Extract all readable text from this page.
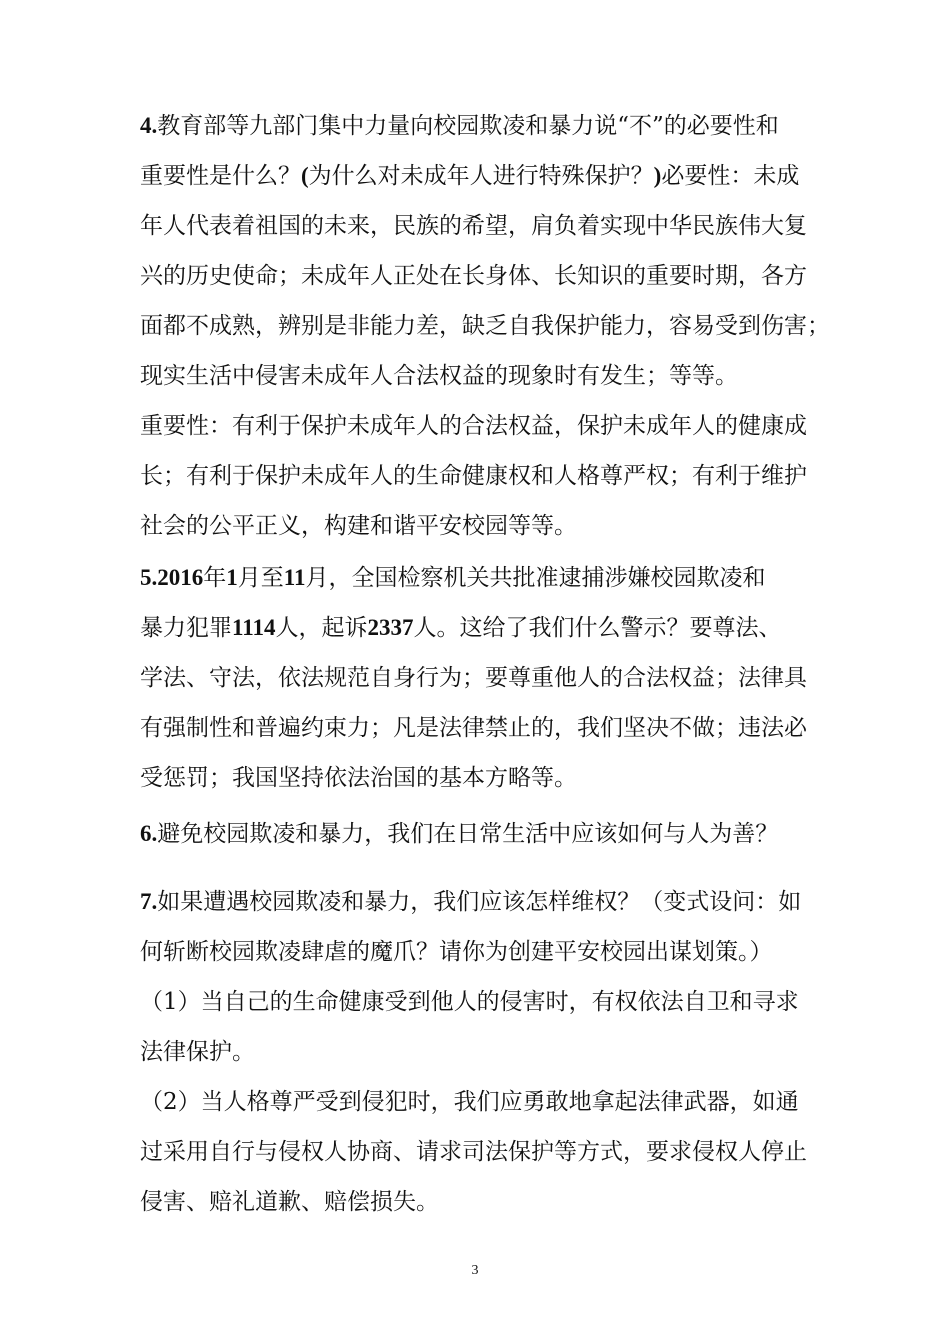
4.教育部等九部门集中力量向校园欺凌和暴力说“不”的必要性和
重要性是什么？(为什么对未成年人进行特殊保护？)必要性：未成
年人代表着祖国的未来，民族的希望，肩负着实现中华民族伟大复
兴的历史使命；未成年人正处在长身体、长知识的重要时期，各方
面都不成熟，辨别是非能力差，缺乏自我保护能力，容易受到伤害；
现实生活中侵害未成年人合法权益的现象时有发生；等等。
重要性：有利于保护未成年人的合法权益，保护未成年人的健康成
长；有利于保护未成年人的生命健康权和人格尊严权；有利于维护
社会的公平正义，构建和谐平安校园等等。
5.2016年1月至11月，全国检察机关共批准逮捕涉嫌校园欺凌和
暴力犯罪1114人，起诉2337人。这给了我们什么警示？要尊法、
学法、守法，依法规范自身行为；要尊重他人的合法权益；法律具
有强制性和普遍约束力；凡是法律禁止的，我们坚决不做；违法必
受惩罚；我国坚持依法治国的基本方略等。
6.避免校园欺凌和暴力，我们在日常生活中应该如何与人为善？
7.如果遭遇校园欺凌和暴力，我们应该怎样维权？（变式设问：如
何斩断校园欺凌肆虐的魔爪？请你为创建平安校园出谋划策。）
（1）当自己的生命健康受到他人的侵害时，有权依法自卫和寻求
法律保护。
（2）当人格尊严受到侵犯时，我们应勇敢地拿起法律武器，如通
过采用自行与侵权人协商、请求司法保护等方式，要求侵权人停止
侵害、赔礼道歉、赔偿损失。
3
